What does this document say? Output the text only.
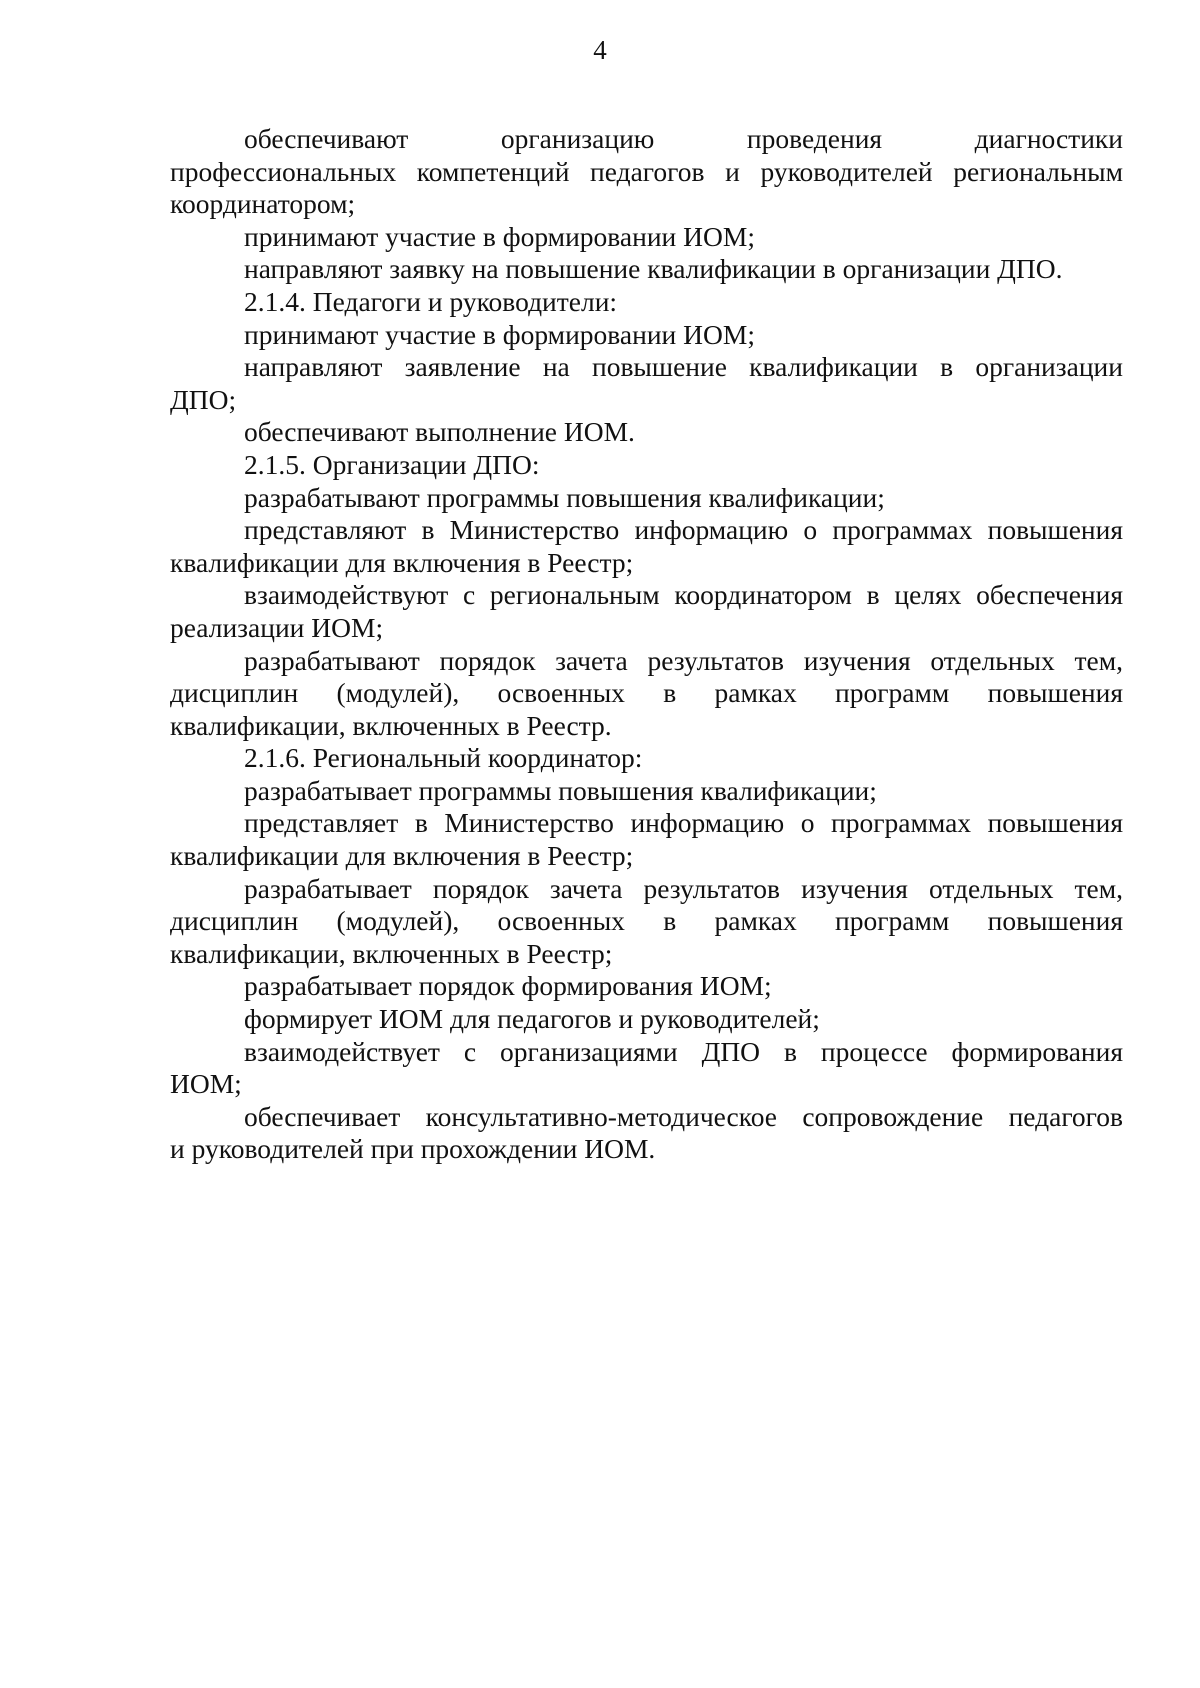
4
обеспечивают организацию проведения диагностики
профессиональных компетенций педагогов и руководителей региональным
координатором;
принимают участие в формировании ИОМ;
направляют заявку на повышение квалификации в организации ДПО.
2.1.4. Педагоги и руководители:
принимают участие в формировании ИОМ;
направляют заявление на повышение квалификации в организации
ДПО;
обеспечивают выполнение ИОМ.
2.1.5. Организации ДПО:
разрабатывают программы повышения квалификации;
представляют в Министерство информацию о программах повышения
квалификации для включения в Реестр;
взаимодействуют с региональным координатором в целях обеспечения
реализации ИОМ;
разрабатывают порядок зачета результатов изучения отдельных тем,
дисциплин (модулей), освоенных в рамках программ повышения
квалификации, включенных в Реестр.
2.1.6. Региональный координатор:
разрабатывает программы повышения квалификации;
представляет в Министерство информацию о программах повышения
квалификации для включения в Реестр;
разрабатывает порядок зачета результатов изучения отдельных тем,
дисциплин (модулей), освоенных в рамках программ повышения
квалификации, включенных в Реестр;
разрабатывает порядок формирования ИОМ;
формирует ИОМ для педагогов и руководителей;
взаимодействует с организациями ДПО в процессе формирования
ИОМ;
обеспечивает консультативно-методическое сопровождение педагогов
и руководителей при прохождении ИОМ.
